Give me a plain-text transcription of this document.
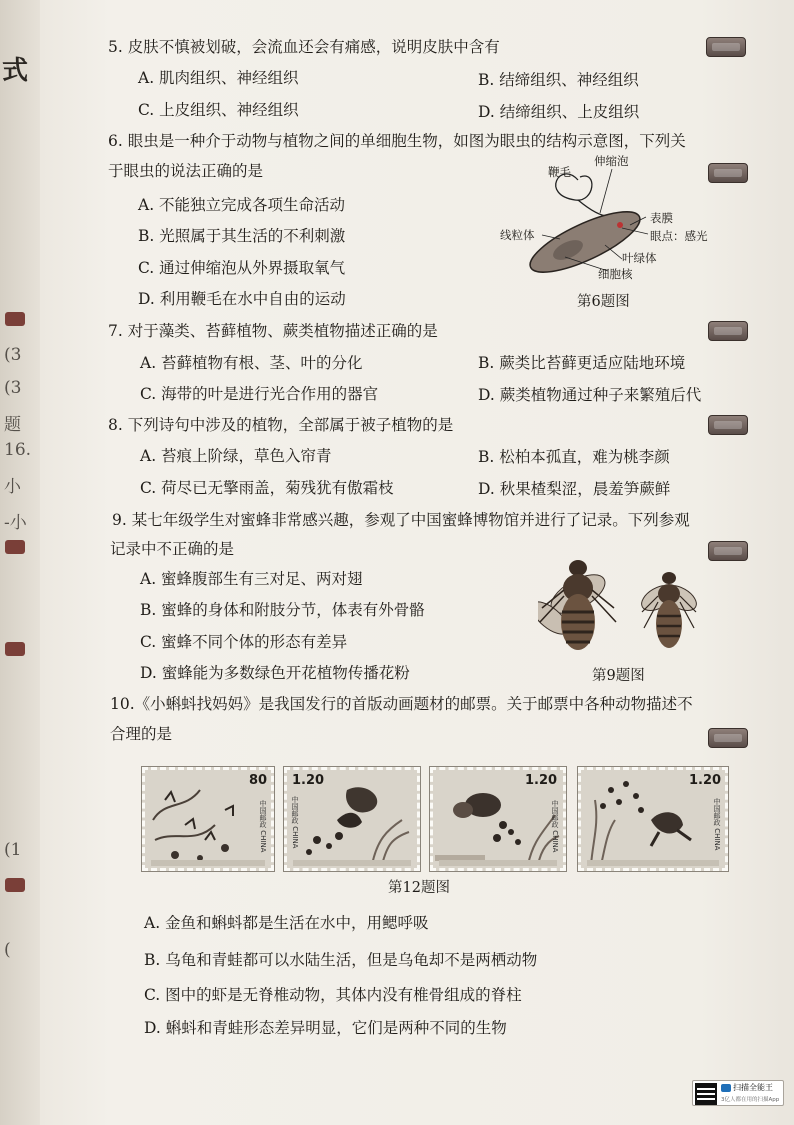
式
(3
(3
题
16.
小
-小
(1
(
5. 皮肤不慎被划破，会流血还会有痛感，说明皮肤中含有
A. 肌肉组织、神经组织	B. 结缔组织、神经组织
C. 上皮组织、神经组织	D. 结缔组织、上皮组织
6. 眼虫是一种介于动物与植物之间的单细胞生物，如图为眼虫的结构示意图，下列关
于眼虫的说法正确的是
A. 不能独立完成各项生命活动
B. 光照属于其生活的不利刺激
C. 通过伸缩泡从外界摄取氧气
D. 利用鞭毛在水中自由的运动
鞭毛
伸缩泡
表膜
线粒体	眼点：感光
叶绿体
细胞核
第6题图
7. 对于藻类、苔藓植物、蕨类植物描述正确的是
A. 苔藓植物有根、茎、叶的分化	B. 蕨类比苔藓更适应陆地环境
C. 海带的叶是进行光合作用的器官	D. 蕨类植物通过种子来繁殖后代
8. 下列诗句中涉及的植物，全部属于被子植物的是
A. 苔痕上阶绿，草色入帘青	B. 松柏本孤直，难为桃李颜
C. 荷尽已无擎雨盖，菊残犹有傲霜枝	D. 秋果楂梨涩，晨羞笋蕨鲜
9. 某七年级学生对蜜蜂非常感兴趣，参观了中国蜜蜂博物馆并进行了记录。下列参观
记录中不正确的是
A. 蜜蜂腹部生有三对足、两对翅
B. 蜜蜂的身体和附肢分节，体表有外骨骼
C. 蜜蜂不同个体的形态有差异
D. 蜜蜂能为多数绿色开花植物传播花粉	第9题图
10.《小蝌蚪找妈妈》是我国发行的首版动画题材的邮票。关于邮票中各种动物描述不
合理的是
80
中国邮政 CHINA
1.20
中国邮政 CHINA
1.20
中国邮政 CHINA
1.20
中国邮政 CHINA
第12题图
A. 金鱼和蝌蚪都是生活在水中，用鳃呼吸
B. 乌龟和青蛙都可以水陆生活，但是乌龟却不是两栖动物
C. 图中的虾是无脊椎动物，其体内没有椎骨组成的脊柱
D. 蝌蚪和青蛙形态差异明显，它们是两种不同的生物
扫描全能王
3亿人都在用的扫描App
